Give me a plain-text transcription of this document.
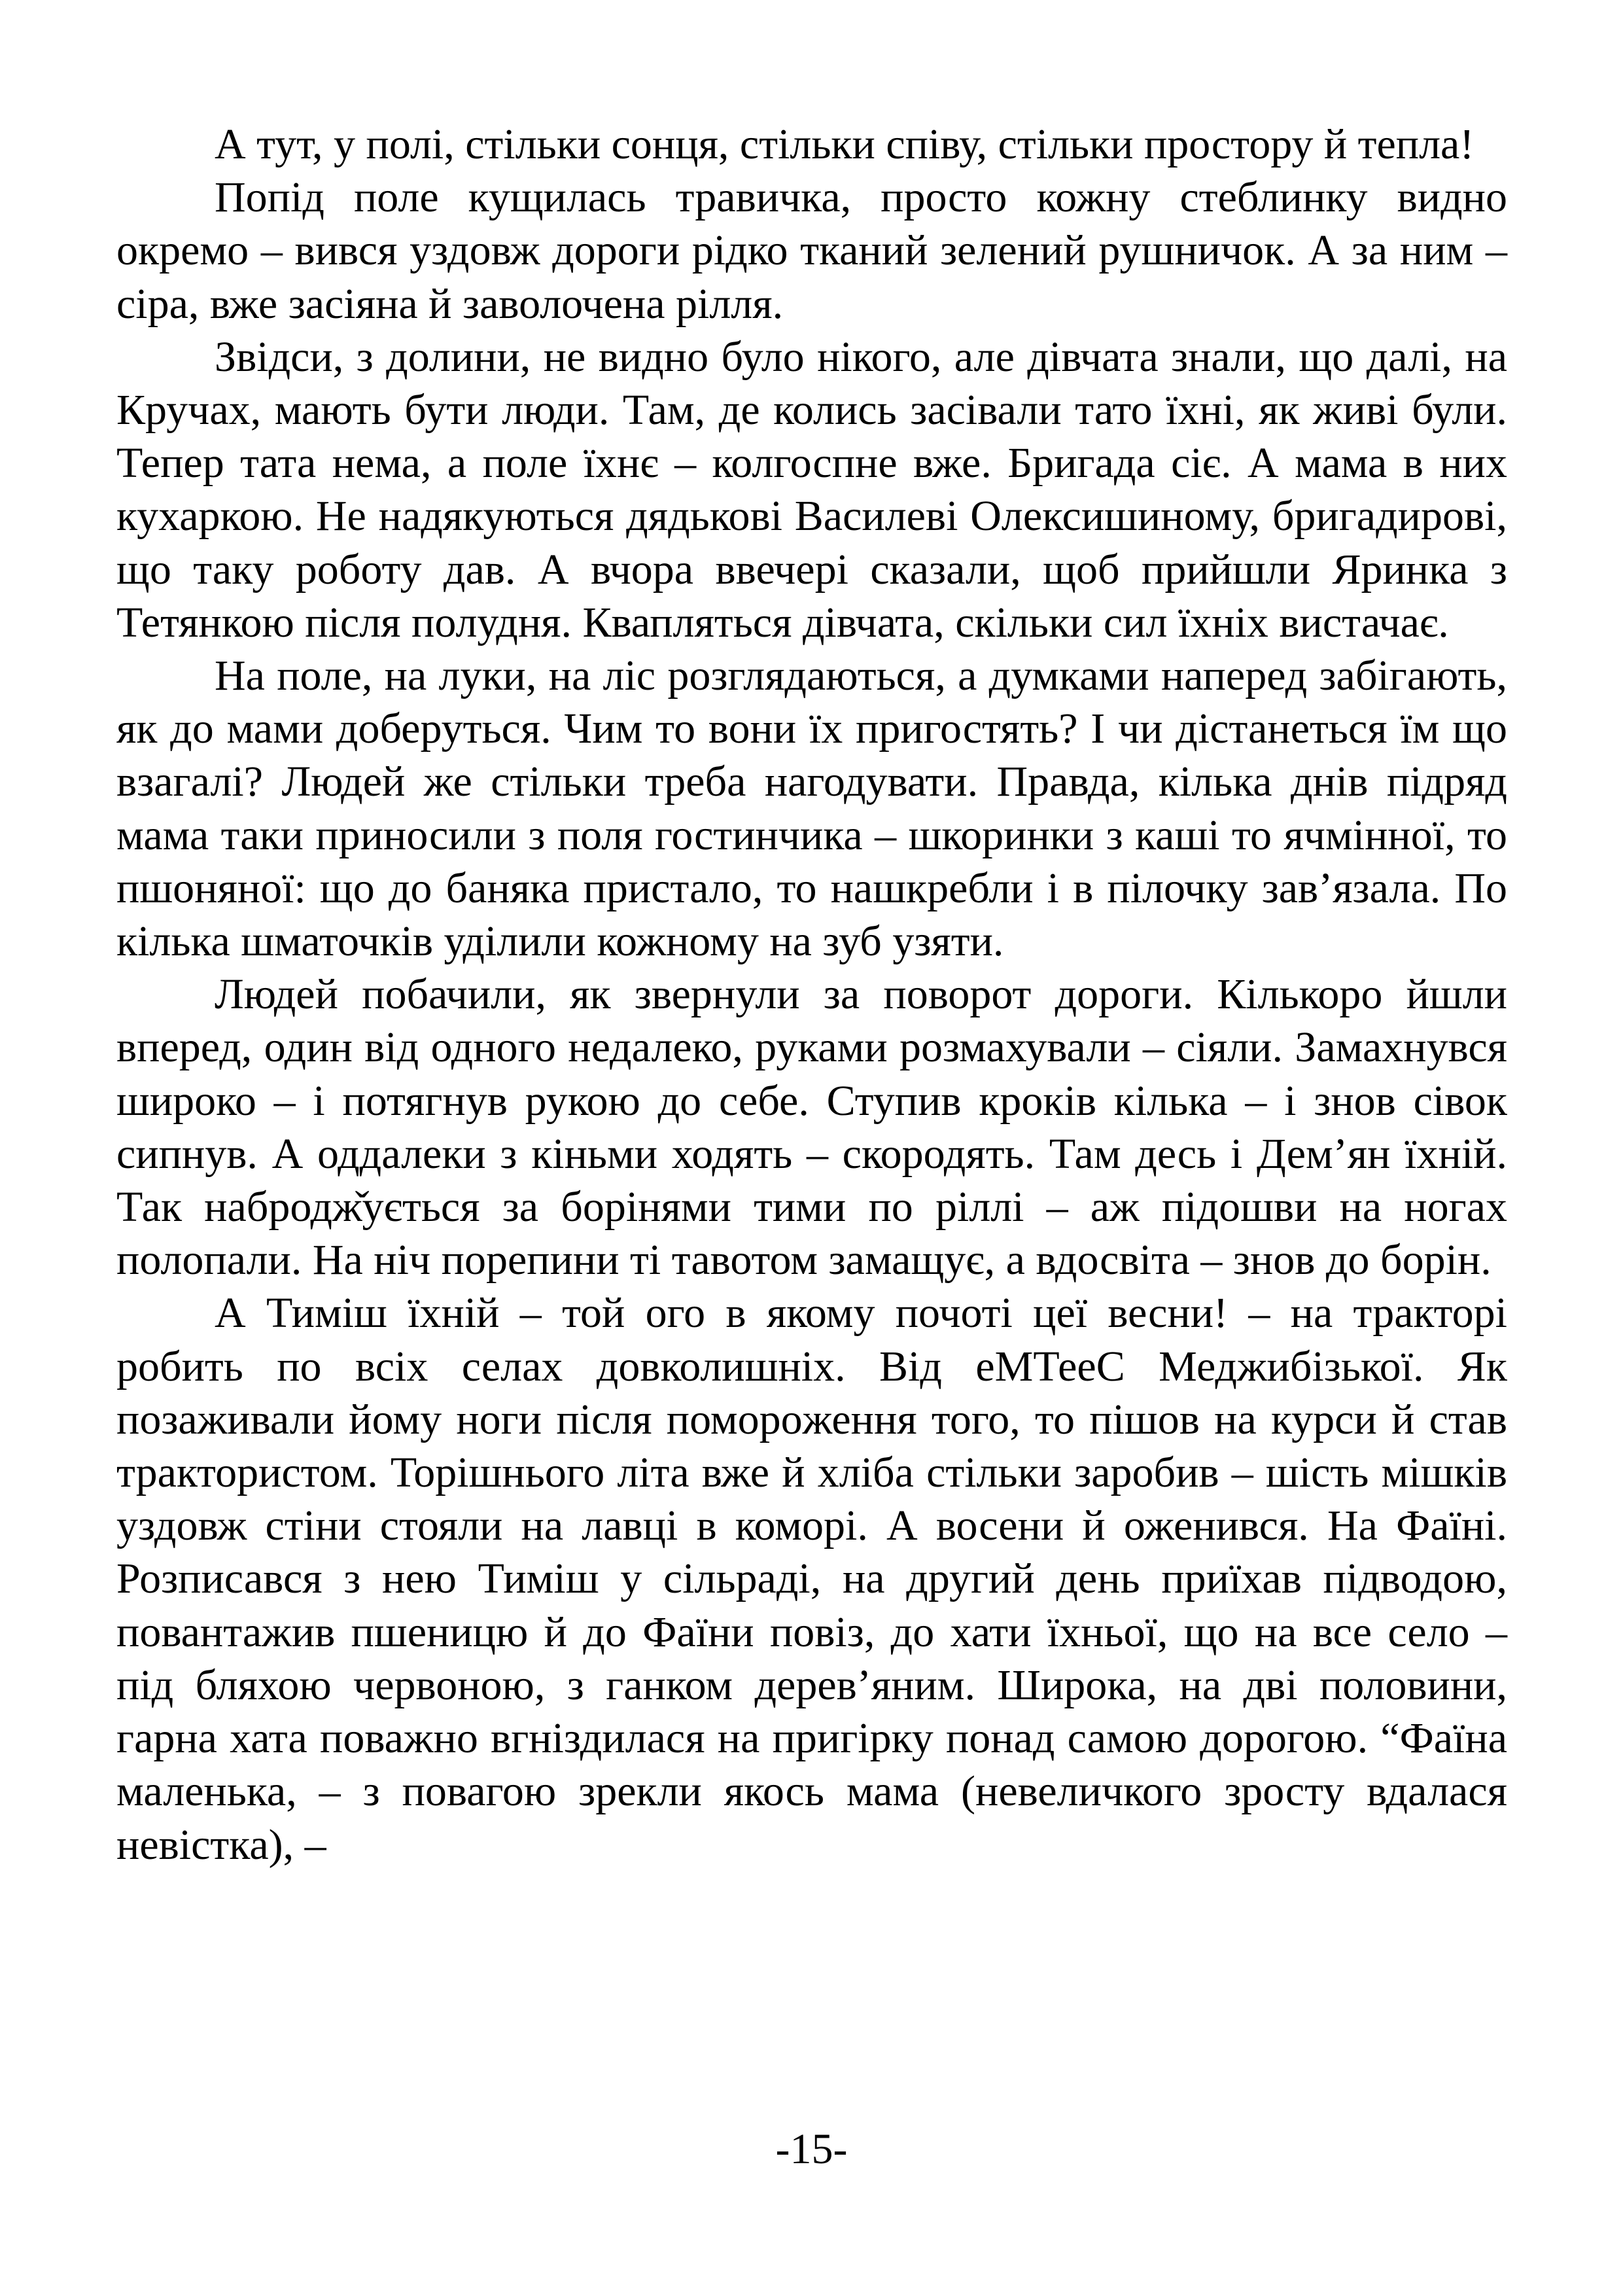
А тут, у полі, стільки сонця, стільки співу, стільки простору й тепла!

Попід поле кущилась травичка, просто кожну стеблинку видно окремо – вився уздовж дороги рідко тканий зелений рушничок. А за ним – сіра, вже засіяна й заволочена рілля.

Звідси, з долини, не видно було нікого, але дівчата знали, що далі, на Кручах, мають бути люди. Там, де колись засівали тато їхні, як живі були. Тепер тата нема, а поле їхнє – колгоспне вже. Бригада сіє. А мама в них кухаркою. Не надякуються дядькові Василеві Олексишиному, бригадирові, що таку роботу дав. А вчора ввечері сказали, щоб прийшли Яринка з Тетянкою після полудня. Кваплятьcя дівчата, скільки сил їхніх вистачає.

На поле, на луки, на ліс розглядаються, а думками наперед забігають, як до мами доберуться. Чим то вони їх пригостять? І чи дістанеться їм що взагалі? Людей же стільки треба нагодувати. Правда, кілька днів підряд мама таки приносили з поля гостинчика – шкоринки з каші то ячмінної, то пшоняної: що до баняка пристало, то нашкребли і в пілочку зав’язала. По кілька шматочків уділили кожному на зуб узяти.

Людей побачили, як звернули за поворот дороги. Кількоро йшли вперед, один від одного недалеко, руками розмахували – сіяли. Замахнувся широко – і потягнув рукою до себе. Ступив кроків кілька – і знов сівок сипнув. А оддалеки з кіньми ходять – скородять. Там десь і Дем’ян їхній. Так набродж̌ується за борінями тими по ріллі – аж підошви на ногах полопали. На ніч порепини ті тавотом замащує, а вдосвіта – знов до борін.

А Тиміш їхній – той ого в якому почоті цеї весни! – на тракторі робить по всіх селах довколишніх. Від еМТееС Меджибізької. Як позаживали йому ноги після поморoження того, то пішов на курси й став трактористом. Торішнього літа вже й хліба стільки заробив – шість мішків уздовж стіни стояли на лавці в коморі. А восени й оженився. На Фаїні. Розписався з нею Тиміш у сільраді, на другий день приїхав підводою, повантажив пшеницю й до Фаїни повіз, до хати їхньої, що на все село – під бляхою червоною, з ганком дерев’яним. Широка, на дві половини, гарна хата поважно вгніздилася на пригірку понад самою дорогою. “Фаїна маленька, – з повагою зрекли якось мама (невеличкого зросту вдалася невістка), –

-15-
